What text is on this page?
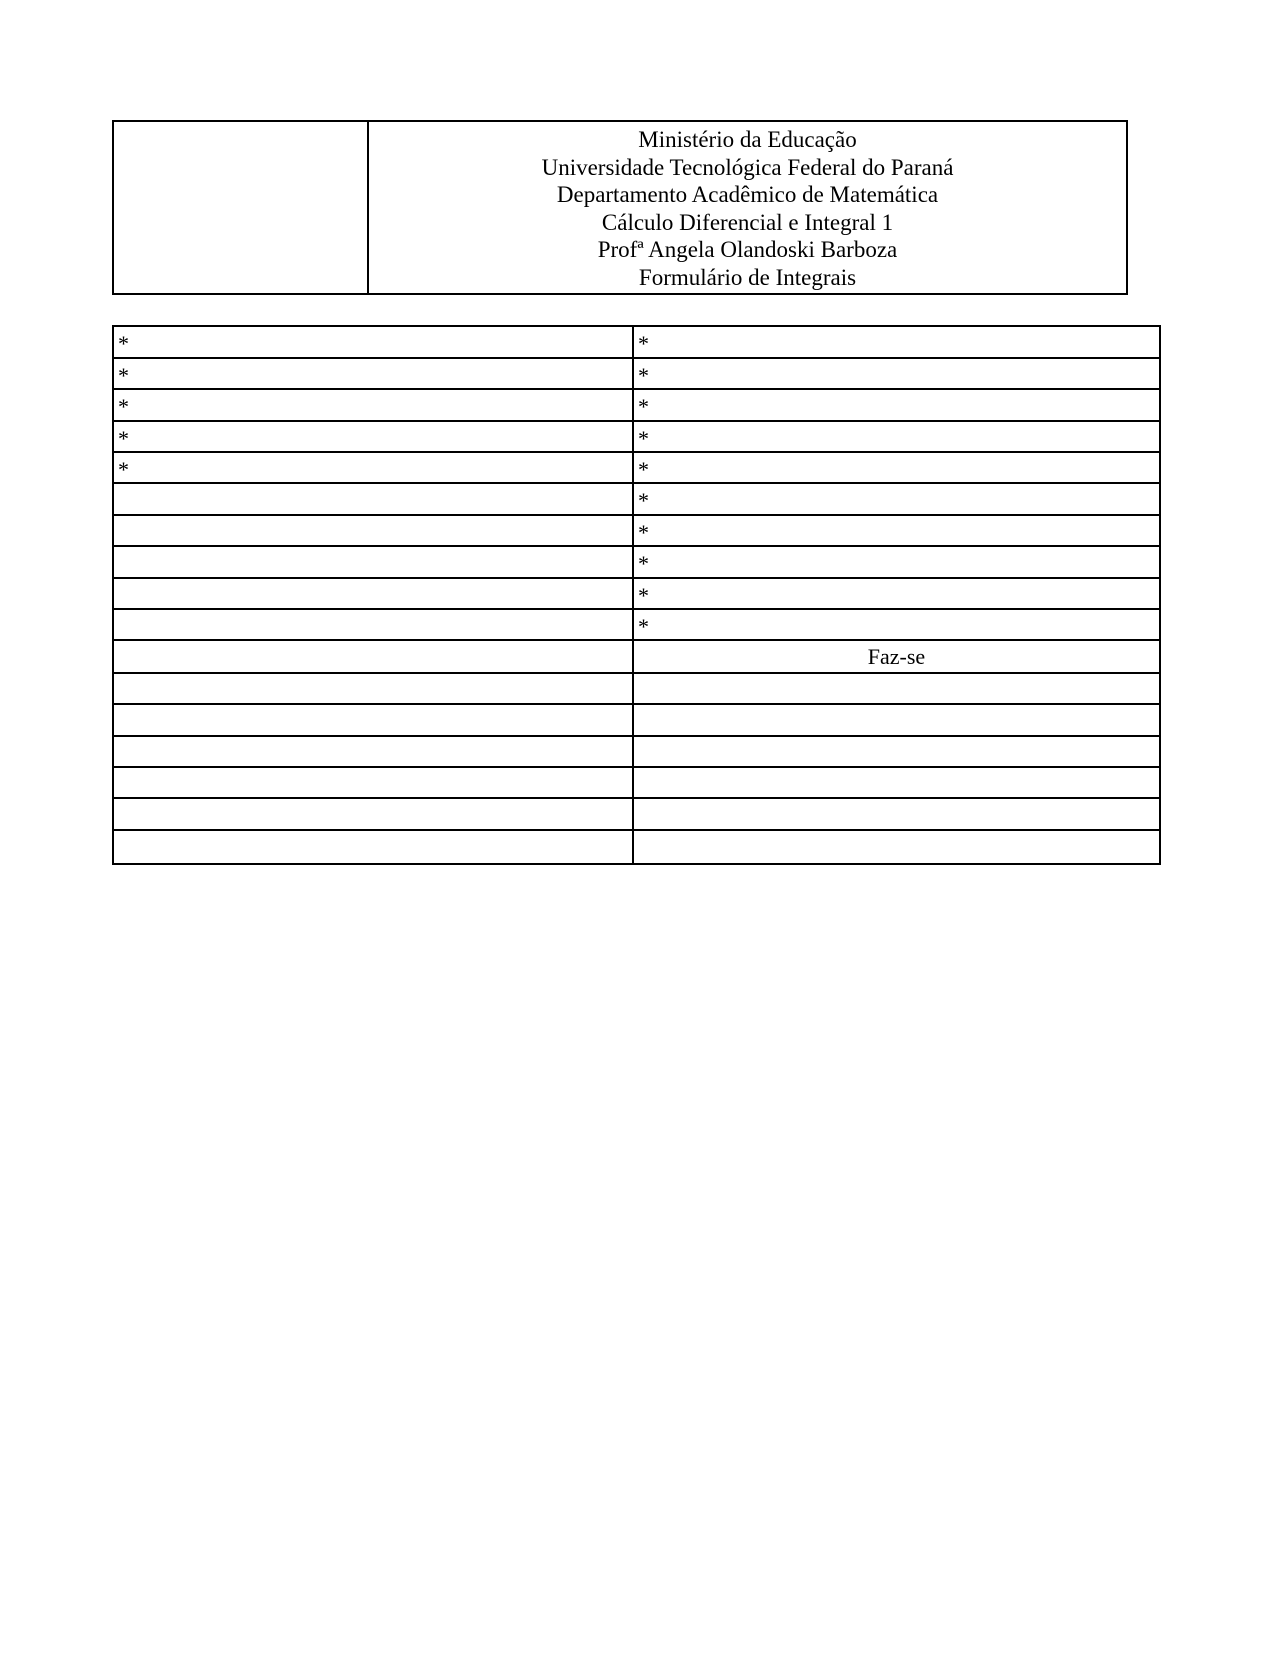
Ministério da Educação
Universidade Tecnológica Federal do Paraná
Departamento Acadêmico de Matemática
Cálculo Diferencial e Integral 1
Profª Angela Olandoski Barboza
Formulário de Integrais
*	*
*	*
*	*
*	*
*	*
	*
	*
	*
	*
	*
	Faz-se
